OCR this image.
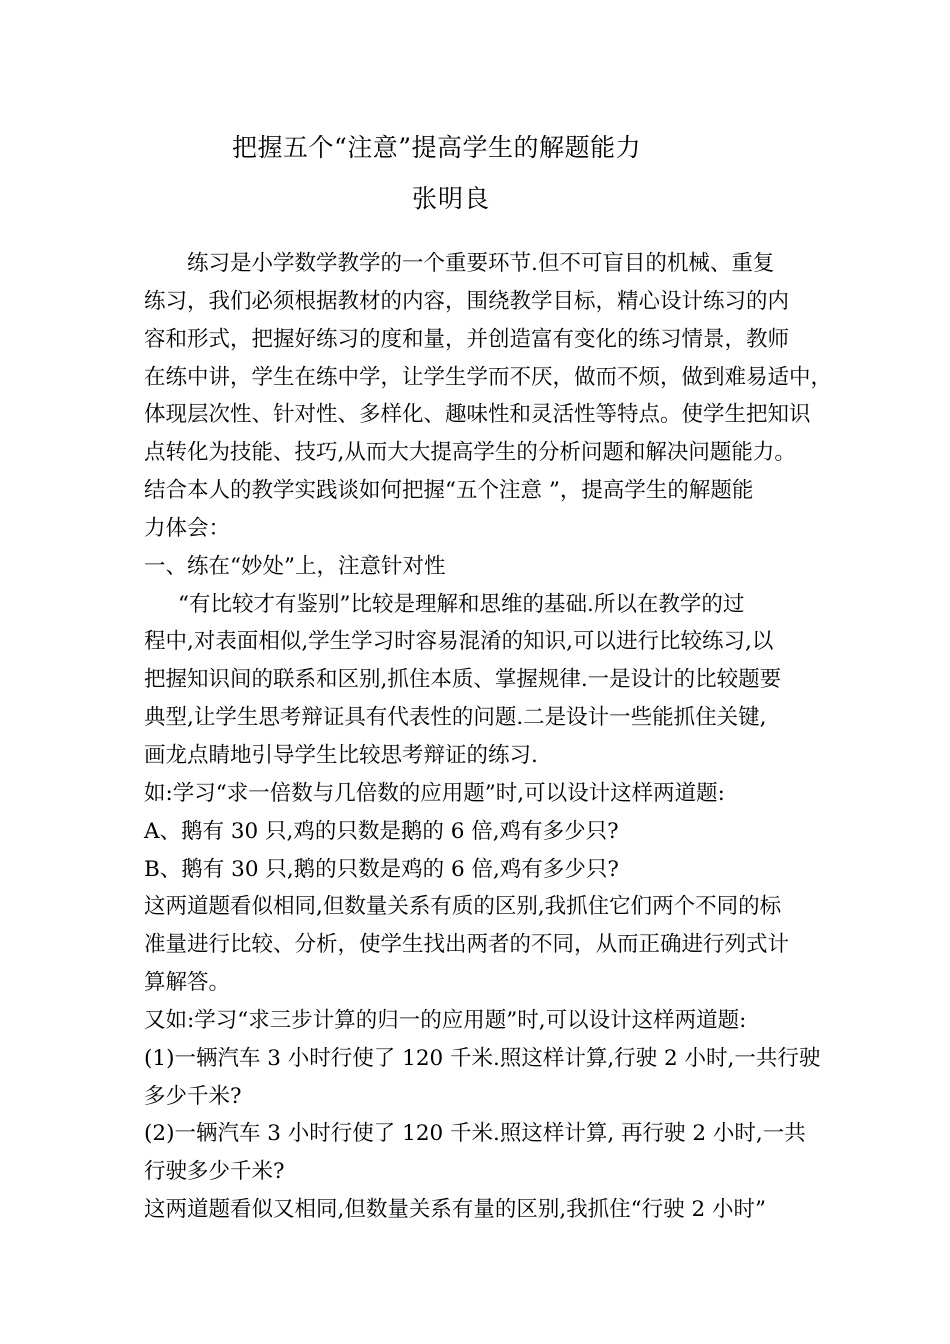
把握五个“注意”提高学生的解题能力
张明良
练习是小学数学教学的一个重要环节.但不可盲目的机械、重复
练习，我们必须根据教材的内容，围绕教学目标，精心设计练习的内
容和形式，把握好练习的度和量，并创造富有变化的练习情景，教师
在练中讲，学生在练中学，让学生学而不厌，做而不烦，做到难易适中，
体现层次性、针对性、多样化、趣味性和灵活性等特点。使学生把知识
点转化为技能、技巧,从而大大提高学生的分析问题和解决问题能力。
结合本人的教学实践谈如何把握“五个注意 ”，提高学生的解题能
力体会：
一、练在“妙处”上，注意针对性
“有比较才有鉴别”比较是理解和思维的基础.所以在教学的过
程中,对表面相似,学生学习时容易混淆的知识,可以进行比较练习,以
把握知识间的联系和区别,抓住本质、掌握规律.一是设计的比较题要
典型,让学生思考辩证具有代表性的问题.二是设计一些能抓住关键,
画龙点睛地引导学生比较思考辩证的练习.
如:学习“求一倍数与几倍数的应用题”时,可以设计这样两道题:
A、鹅有 30 只,鸡的只数是鹅的 6 倍,鸡有多少只?
B、鹅有 30 只,鹅的只数是鸡的 6 倍,鸡有多少只?
这两道题看似相同,但数量关系有质的区别,我抓住它们两个不同的标
准量进行比较、分析，使学生找出两者的不同，从而正确进行列式计
算解答。
又如:学习“求三步计算的归一的应用题”时,可以设计这样两道题:
(1)一辆汽车 3 小时行使了 120 千米.照这样计算,行驶 2 小时,一共行驶
多少千米?
(2)一辆汽车 3 小时行使了 120 千米.照这样计算, 再行驶 2 小时,一共
行驶多少千米?
这两道题看似又相同,但数量关系有量的区别,我抓住“行驶 2 小时”
